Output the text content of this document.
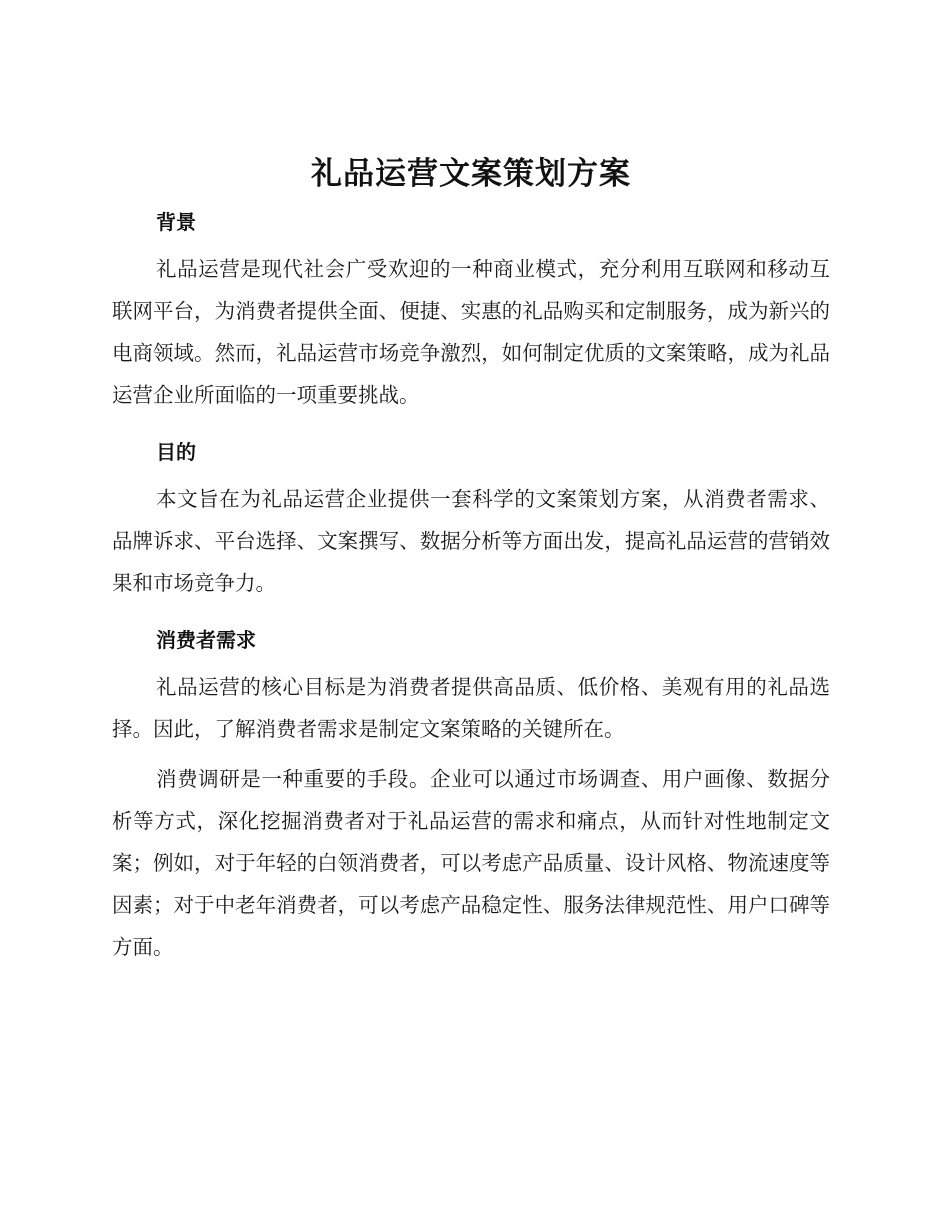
礼品运营文案策划方案
背景

礼品运营是现代社会广受欢迎的一种商业模式，充分利用互联网和移动互联网平台，为消费者提供全面、便捷、实惠的礼品购买和定制服务，成为新兴的电商领域。然而，礼品运营市场竞争激烈，如何制定优质的文案策略，成为礼品运营企业所面临的一项重要挑战。

目的

本文旨在为礼品运营企业提供一套科学的文案策划方案，从消费者需求、品牌诉求、平台选择、文案撰写、数据分析等方面出发，提高礼品运营的营销效果和市场竞争力。

消费者需求

礼品运营的核心目标是为消费者提供高品质、低价格、美观有用的礼品选择。因此，了解消费者需求是制定文案策略的关键所在。

消费调研是一种重要的手段。企业可以通过市场调查、用户画像、数据分析等方式，深化挖掘消费者对于礼品运营的需求和痛点，从而针对性地制定文案；例如，对于年轻的白领消费者，可以考虑产品质量、设计风格、物流速度等因素；对于中老年消费者，可以考虑产品稳定性、服务法律规范性、用户口碑等方面。
